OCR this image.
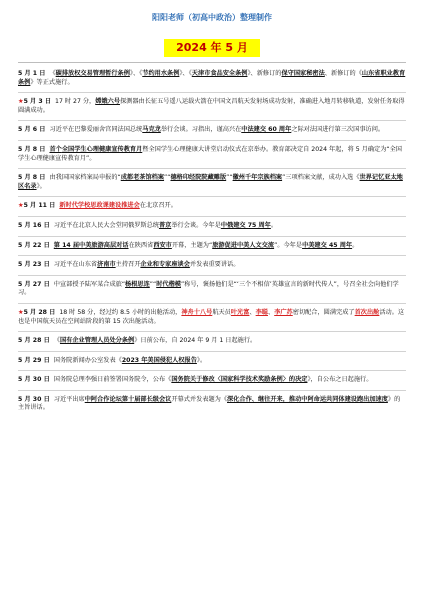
阳阳老师（初高中政治）整理制作
2024 年 5 月
5 月 1 日 《碳排放权交易管理暂行条例》、《节约用水条例》、《天津市食品安全条例》、新修订的保守国家秘密法、新修订的《山东省职业教育条例》等正式施行。
★5 月 3 日 17 时 27 分，嫦娥六号探测器由长征五号遥八运载火箭在中国文昌航天发射场成功发射，准确进入地月转移轨道，发射任务取得圆满成功。
5 月 6 日 习近平在巴黎爱丽舍宫同法国总统马克龙举行会谈。习指出，谨高兴在中法建交 60 周年之际对法国进行第三次国事访问。
5 月 8 日 首个全国学生心理健康宣传教育月暨全国学生心理健康大讲堂启动仪式在京举办。教育部决定自 2024 年起，将 5 月确定为“全国学生心理健康宣传教育月”。
5 月 8 日 由我国国家档案局申报的“成都老茶馆档案”“德格印经院院藏雕版”“徽州千年宗族档案”三项档案文献，成功入选《世界记忆亚太地区名录》。
★5 月 11 日 新时代学校思政课建设推进会在北京召开。
5 月 16 日 习近平在北京人民大会堂同俄罗斯总统普京举行会谈。今年是中俄建交 75 周年。
5 月 22 日 第 14 届中美旅游高层对话在陕西省西安市开幕，主题为“旅游促进中美人文交流”。今年是中美建交 45 周年。
5 月 23 日 习近平在山东省济南市主持召开企业和专家座谈会并发表重要讲话。
5 月 27 日 中宣部授予陆军某合成旅“杨根思连”“时代楷模”称号，褒扬他们是“‘三个不相信’英雄宣言的新时代传人”，号召全社会向他们学习。
★5 月 28 日 18 时 58 分，经过约 8.5 小时的出舱活动，神舟十八号航天员叶光富、李聪、李广苏密切配合，圆满完成了首次出舱活动。这也是中国航天员在空间站阶段的第 15 次出舱活动。
5 月 28 日 《国有企业管理人员处分条例》日前公布，自 2024 年 9 月 1 日起施行。
5 月 29 日 国务院新闻办公室发表《2023 年美国侵犯人权报告》。
5 月 30 日 国务院总理李强日前签署国务院令，公布《国务院关于修改〈国家科学技术奖励条例〉的决定》，自公布之日起施行。
5 月 30 日 习近平出席中阿合作论坛第十届部长级会议开幕式并发表题为《深化合作、继往开来，推动中阿命运共同体建设跑出加速度》的主旨讲话。
